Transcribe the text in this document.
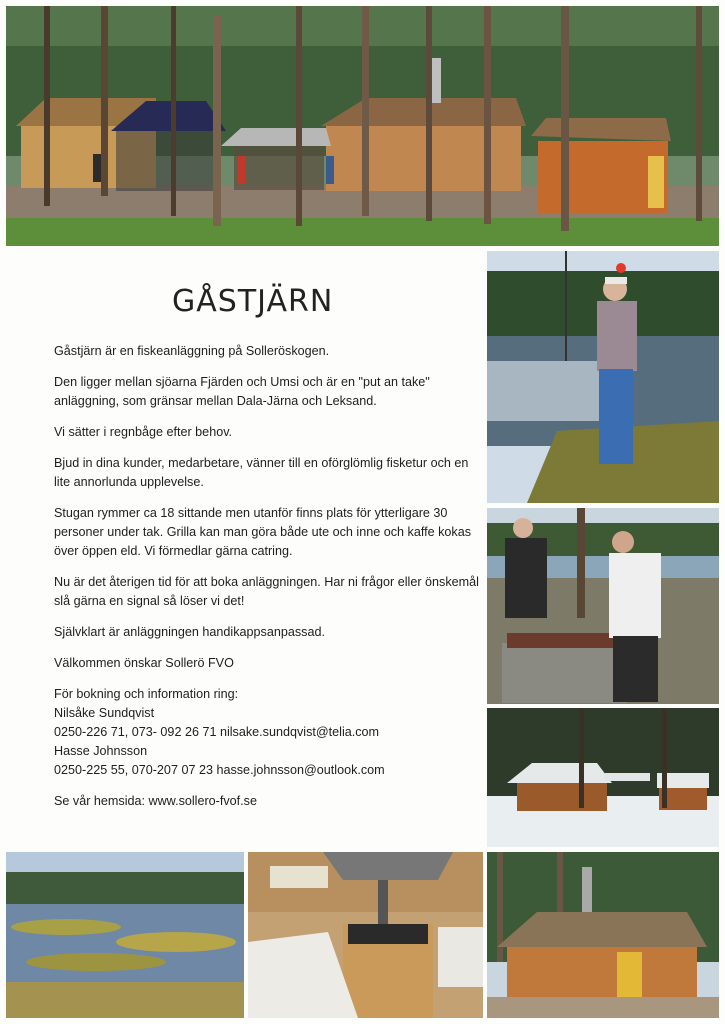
GÅSTJÄRN

Gåstjärn är en fiskeanläggning på Solleröskogen.

Den ligger mellan sjöarna Fjärden och Umsi och är en "put an take" anläggning, som gränsar mellan Dala-Järna och Leksand.

Vi sätter i regnbåge efter behov.

Bjud in dina kunder, medarbetare, vänner till en oförglömlig fisketur och en lite annorlunda upplevelse.

Stugan rymmer ca 18 sittande men utanför finns plats för ytterligare 30 personer under tak. Grilla kan man göra både ute och inne och kaffe kokas över öppen eld. Vi förmedlar gärna catring.

Nu är det återigen tid för att boka anläggningen. Har ni frågor eller önskemål slå gärna en signal så löser vi det!

Självklart är anläggningen handikappsanpassad.

Välkommen önskar Sollerö FVO

För bokning och information ring:
Nilsåke Sundqvist
0250-226 71, 073- 092 26 71 nilsake.sundqvist@telia.com
Hasse Johnsson
0250-225 55, 070-207 07 23 hasse.johnsson@outlook.com

Se vår hemsida: www.sollero-fvof.se
